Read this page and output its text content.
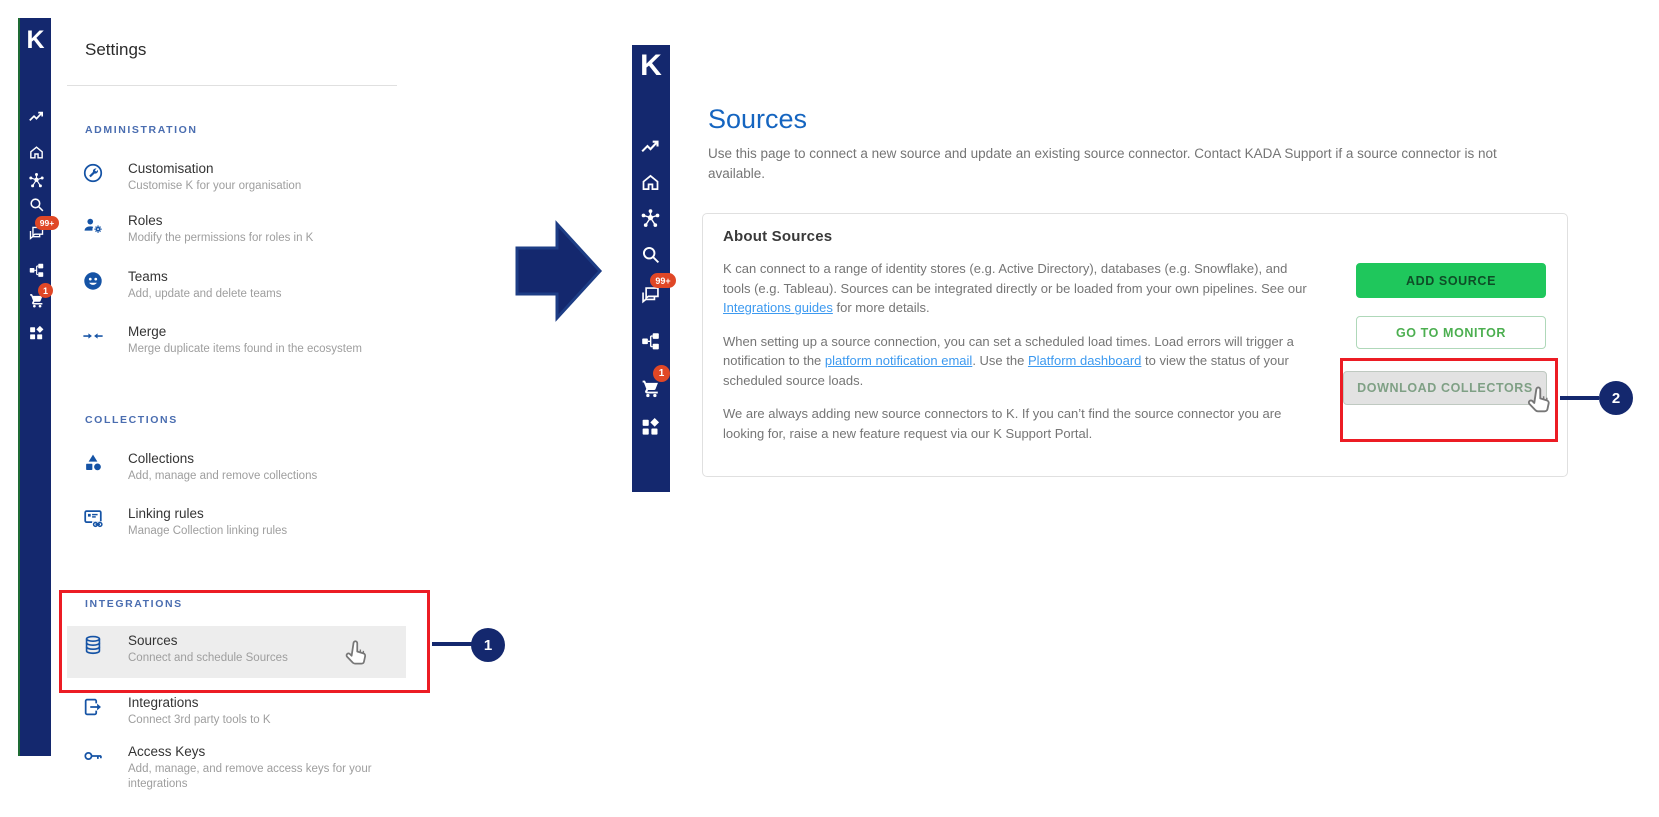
K
99+
1
Settings
ADMINISTRATION
Customisation
Customise K for your organisation
Roles
Modify the permissions for roles in K
Teams
Add, update and delete teams
Merge
Merge duplicate items found in the ecosystem
COLLECTIONS
Collections
Add, manage and remove collections
Linking rules
Manage Collection linking rules
INTEGRATIONS
Sources
Connect and schedule Sources
Integrations
Connect 3rd party tools to K
Access Keys
Add, manage, and remove access keys for your integrations
1
K
99+
1
Sources
Use this page to connect a new source and update an existing source connector. Contact KADA Support if a source connector is not available.
About Sources

K can connect to a range of identity stores (e.g. Active Directory), databases (e.g. Snowflake), and tools (e.g. Tableau). Sources can be integrated directly or be loaded from your own pipelines. See our Integrations guides for more details.

When setting up a source connection, you can set a scheduled load times. Load errors will trigger a notification to the platform notification email. Use the Platform dashboard to view the status of your scheduled source loads.

We are always adding new source connectors to K. If you can’t find the source connector you are looking for, raise a new feature request via our K Support Portal.

ADD SOURCE
GO TO MONITOR
DOWNLOAD COLLECTORS
2
